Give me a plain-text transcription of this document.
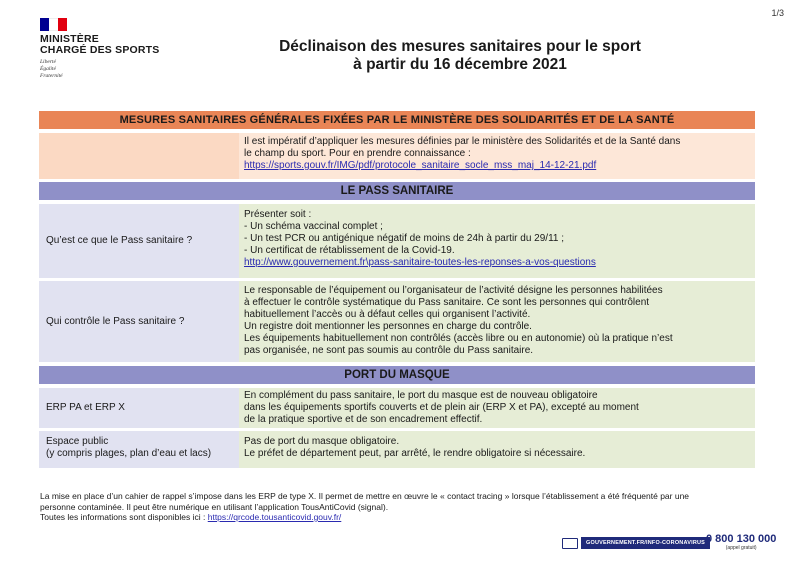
1/3
MINISTÈRE
CHARGÉ DES SPORTS
Liberté
Égalité
Fraternité
Déclinaison des mesures sanitaires pour le sport
à partir du 16 décembre 2021
MESURES SANITAIRES GÉNÉRALES FIXÉES PAR LE MINISTÈRE DES SOLIDARITÉS ET DE LA SANTÉ
Il est impératif d’appliquer les mesures définies par le ministère des Solidarités et de la Santé dans
le champ du sport. Pour en prendre connaissance :
https://sports.gouv.fr/IMG/pdf/protocole_sanitaire_socle_mss_maj_14-12-21.pdf
LE PASS SANITAIRE
Qu’est ce que le Pass sanitaire ?
Présenter soit :
- Un schéma vaccinal complet ;
- Un test PCR ou antigénique négatif de moins de 24h à partir du 29/11 ;
- Un certificat de rétablissement de la Covid-19.
http://www.gouvernement.fr\pass-sanitaire-toutes-les-reponses-a-vos-questions
Qui contrôle le Pass sanitaire ?
Le responsable de l’équipement ou l’organisateur de l’activité désigne les personnes habilitées
à effectuer le contrôle systématique du Pass sanitaire. Ce sont les personnes qui contrôlent
habituellement l’accès ou à défaut celles qui organisent l’activité.
Un registre doit mentionner les personnes en charge du contrôle.
Les équipements habituellement non contrôlés (accès libre ou en autonomie) où la pratique n’est
pas organisée, ne sont pas soumis au contrôle du Pass sanitaire.
PORT DU MASQUE
ERP PA et ERP X
En complément du pass sanitaire, le port du masque est de nouveau obligatoire
dans les équipements sportifs couverts et de plein air (ERP X et PA), excepté au moment
de la pratique sportive et de son encadrement effectif.
Espace public
(y compris plages, plan d’eau et lacs)
Pas de port du masque obligatoire.
Le préfet de département peut, par arrêté, le rendre obligatoire si nécessaire.
La mise en place d’un cahier de rappel s’impose dans les ERP de type X. Il permet de mettre en œuvre le « contact tracing » lorsque l’établissement a été fréquenté par une
personne contaminée. Il peut être numérique en utilisant l’application TousAntiCovid (signal).
Toutes les informations sont disponibles ici : https://qrcode.tousanticovid.gouv.fr/
GOUVERNEMENT.FR/INFO-CORONAVIRUS 0 800 130 000
(appel gratuit)
